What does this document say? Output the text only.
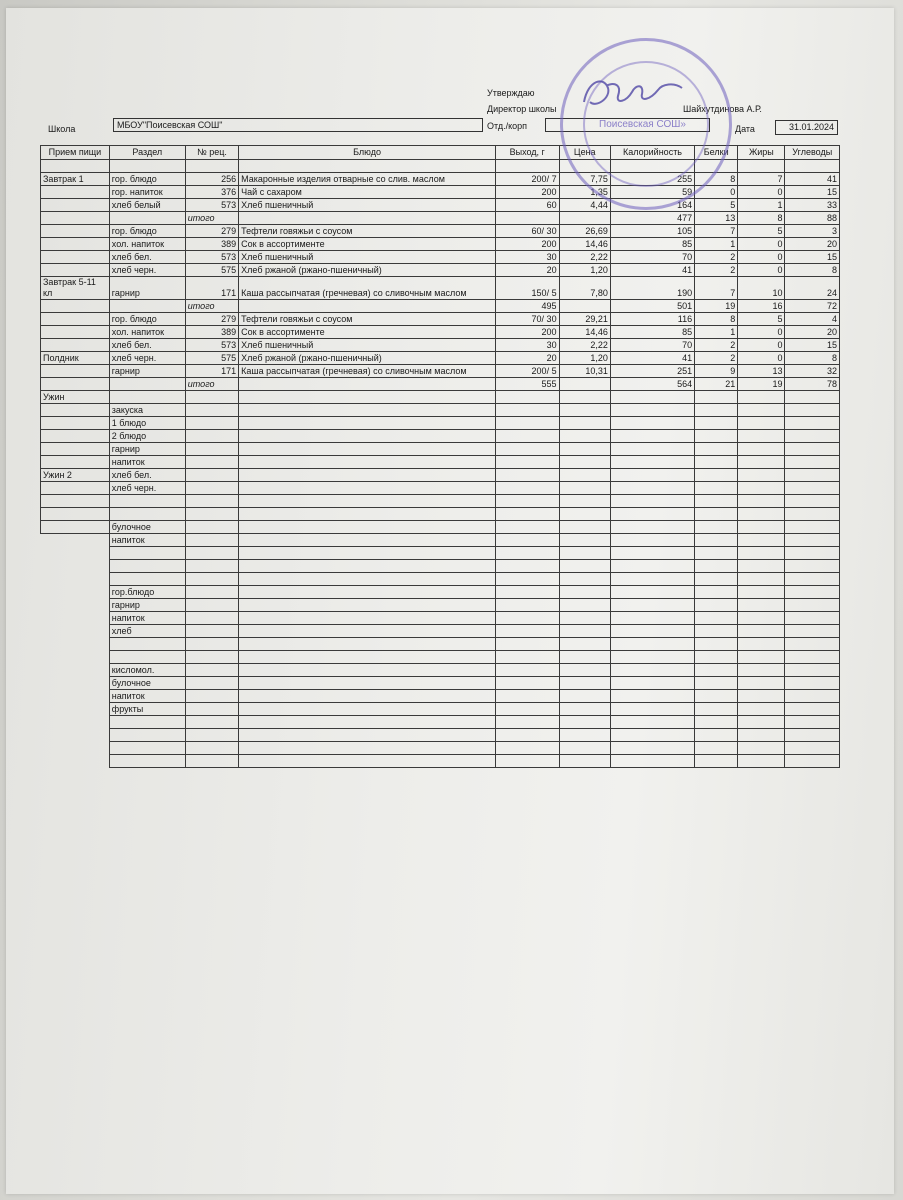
Утверждаю
Директор школы	Шайхутдинова А.Р.
Школа	МБОУ"Поисевская СОШ"	Отд./корп	Дата	31.01.2024
Прием пищи	Раздел	№ рец.	Блюдо	Выход, г	Цена	Калорийность	Белки	Жиры	Углеводы

Завтрак 1	гор. блюдо	256	Макаронные изделия отварные со слив. маслом	200/ 7	7,75	255	8	7	41
	гор. напиток	376	Чай с сахаром	200	1,35	59	0	0	15
	хлеб белый	573	Хлеб пшеничный	60	4,44	164	5	1	33
		итого				477	13	8	88
	гор. блюдо	279	Тефтели говяжьи с соусом	60/ 30	26,69	105	7	5	3
	хол. напиток	389	Сок в ассортименте	200	14,46	85	1	0	20
	хлеб бел.	573	Хлеб пшеничный	30	2,22	70	2	0	15
	хлеб черн.	575	Хлеб ржаной (ржано-пшеничный)	20	1,20	41	2	0	8
Завтрак 5-11 кл	гарнир	171	Каша рассыпчатая (гречневая) со сливочным маслом	150/ 5	7,80	190	7	10	24
		итого		495		501	19	16	72
	гор. блюдо	279	Тефтели говяжьи с соусом	70/ 30	29,21	116	8	5	4
	хол. напиток	389	Сок в ассортименте	200	14,46	85	1	0	20
	хлеб бел.	573	Хлеб пшеничный	30	2,22	70	2	0	15
Полдник	хлеб черн.	575	Хлеб ржаной (ржано-пшеничный)	20	1,20	41	2	0	8
	гарнир	171	Каша рассыпчатая (гречневая) со сливочным маслом	200/ 5	10,31	251	9	13	32
		итого		555		564	21	19	78
Ужин									
	закуска								
	1 блюдо								
	2 блюдо								
	гарнир								
	напиток								
Ужин 2	хлеб бел.								
	хлеб черн.								

	булочное								
	напиток								

	гор.блюдо								
	гарнир								
	напиток								
	хлеб								

	кисломол.								
	булочное								
	напиток								
	фрукты								

Поисевская СОШ»
